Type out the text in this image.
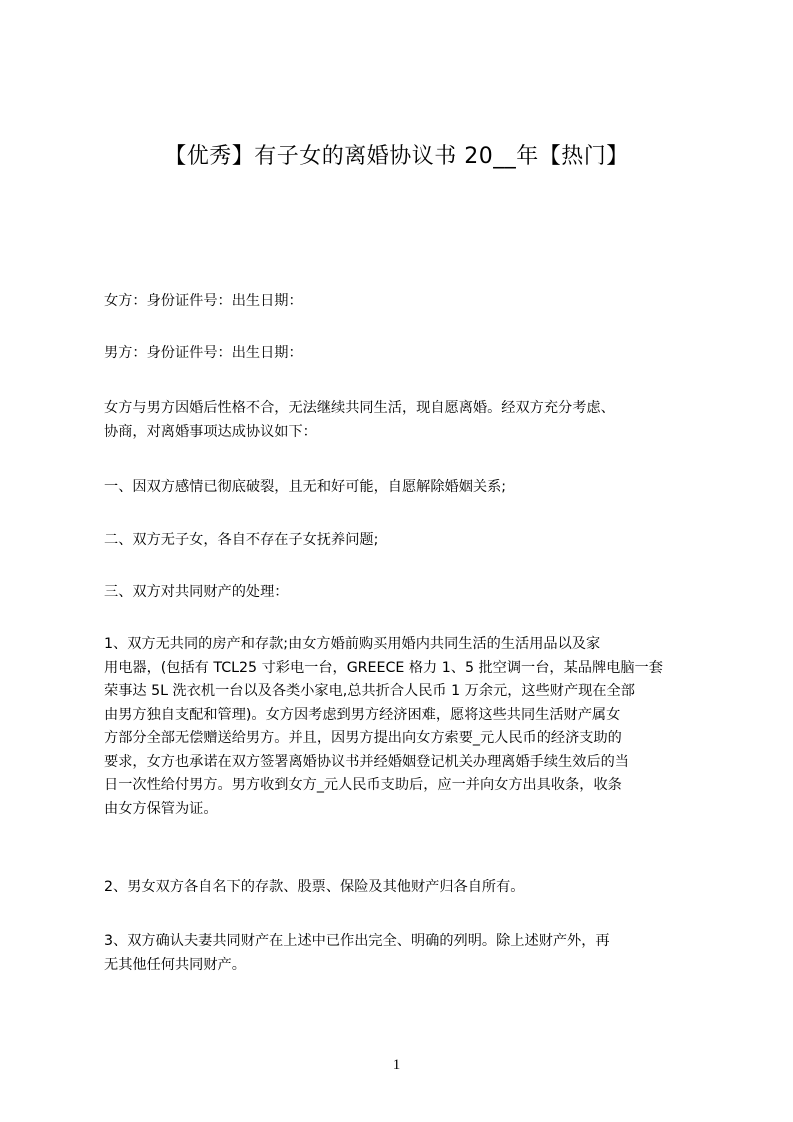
【优秀】有子女的离婚协议书 20__年【热门】
女方：身份证件号：出生日期：
男方：身份证件号：出生日期：
女方与男方因婚后性格不合，无法继续共同生活，现自愿离婚。经双方充分考虑、
协商，对离婚事项达成协议如下：
一、因双方感情已彻底破裂，且无和好可能，自愿解除婚姻关系;
二、双方无子女，各自不存在子女抚养问题;
三、双方对共同财产的处理：
1、双方无共同的房产和存款;由女方婚前购买用婚内共同生活的生活用品以及家
用电器，(包括有 TCL25 寸彩电一台，GREECE 格力 1、5 批空调一台，某品牌电脑一套
荣事达 5L 洗衣机一台以及各类小家电,总共折合人民币 1 万余元，这些财产现在全部
由男方独自支配和管理)。女方因考虑到男方经济困难，愿将这些共同生活财产属女
方部分全部无偿赠送给男方。并且，因男方提出向女方索要_元人民币的经济支助的
要求，女方也承诺在双方签署离婚协议书并经婚姻登记机关办理离婚手续生效后的当
日一次性给付男方。男方收到女方_元人民币支助后，应一并向女方出具收条，收条
由女方保管为证。
2、男女双方各自名下的存款、股票、保险及其他财产归各自所有。
3、双方确认夫妻共同财产在上述中已作出完全、明确的列明。除上述财产外，再
无其他任何共同财产。
1
